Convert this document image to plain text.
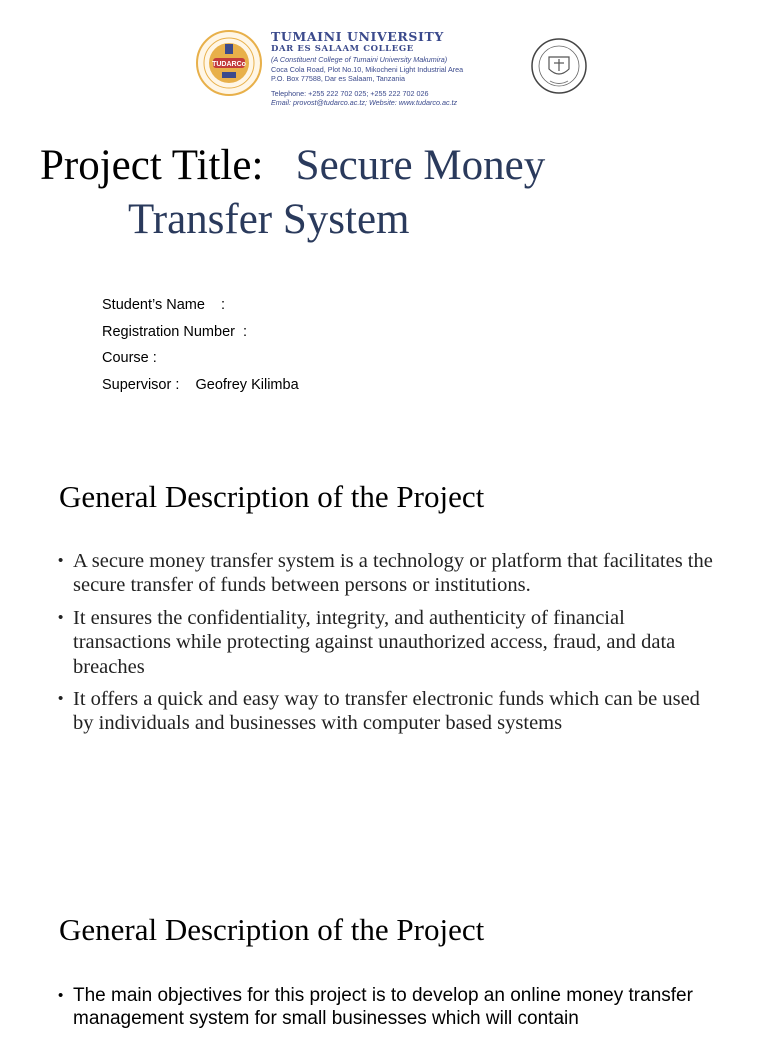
TUDARCo
TUMAINI UNIVERSITY
DAR ES SALAAM COLLEGE
(A Constituent College of Tumaini University Makumira)
Coca Cola Road, Plot No.10, Mikocheni Light Industrial Area
P.O. Box 77588, Dar es Salaam, Tanzania
Telephone: +255 222 702 025; +255 222 702 026
Email: provost@tudarco.ac.tz; Website: www.tudarco.ac.tz
Project Title: Secure Money
Transfer System
Student’s Name    :
Registration Number  :
Course :
Supervisor :    Geofrey Kilimba
General Description of the Project
• A secure money transfer system is a technology or platform that facilitates the secure transfer of funds between persons or institutions.
• It ensures the confidentiality, integrity, and authenticity of financial transactions while protecting against unauthorized access, fraud, and data breaches
• It offers a quick and easy way to transfer electronic funds which can be used by individuals and businesses with computer based systems
General Description of the Project
• The main objectives for this project is to develop an online money transfer management system for small businesses which will contain
